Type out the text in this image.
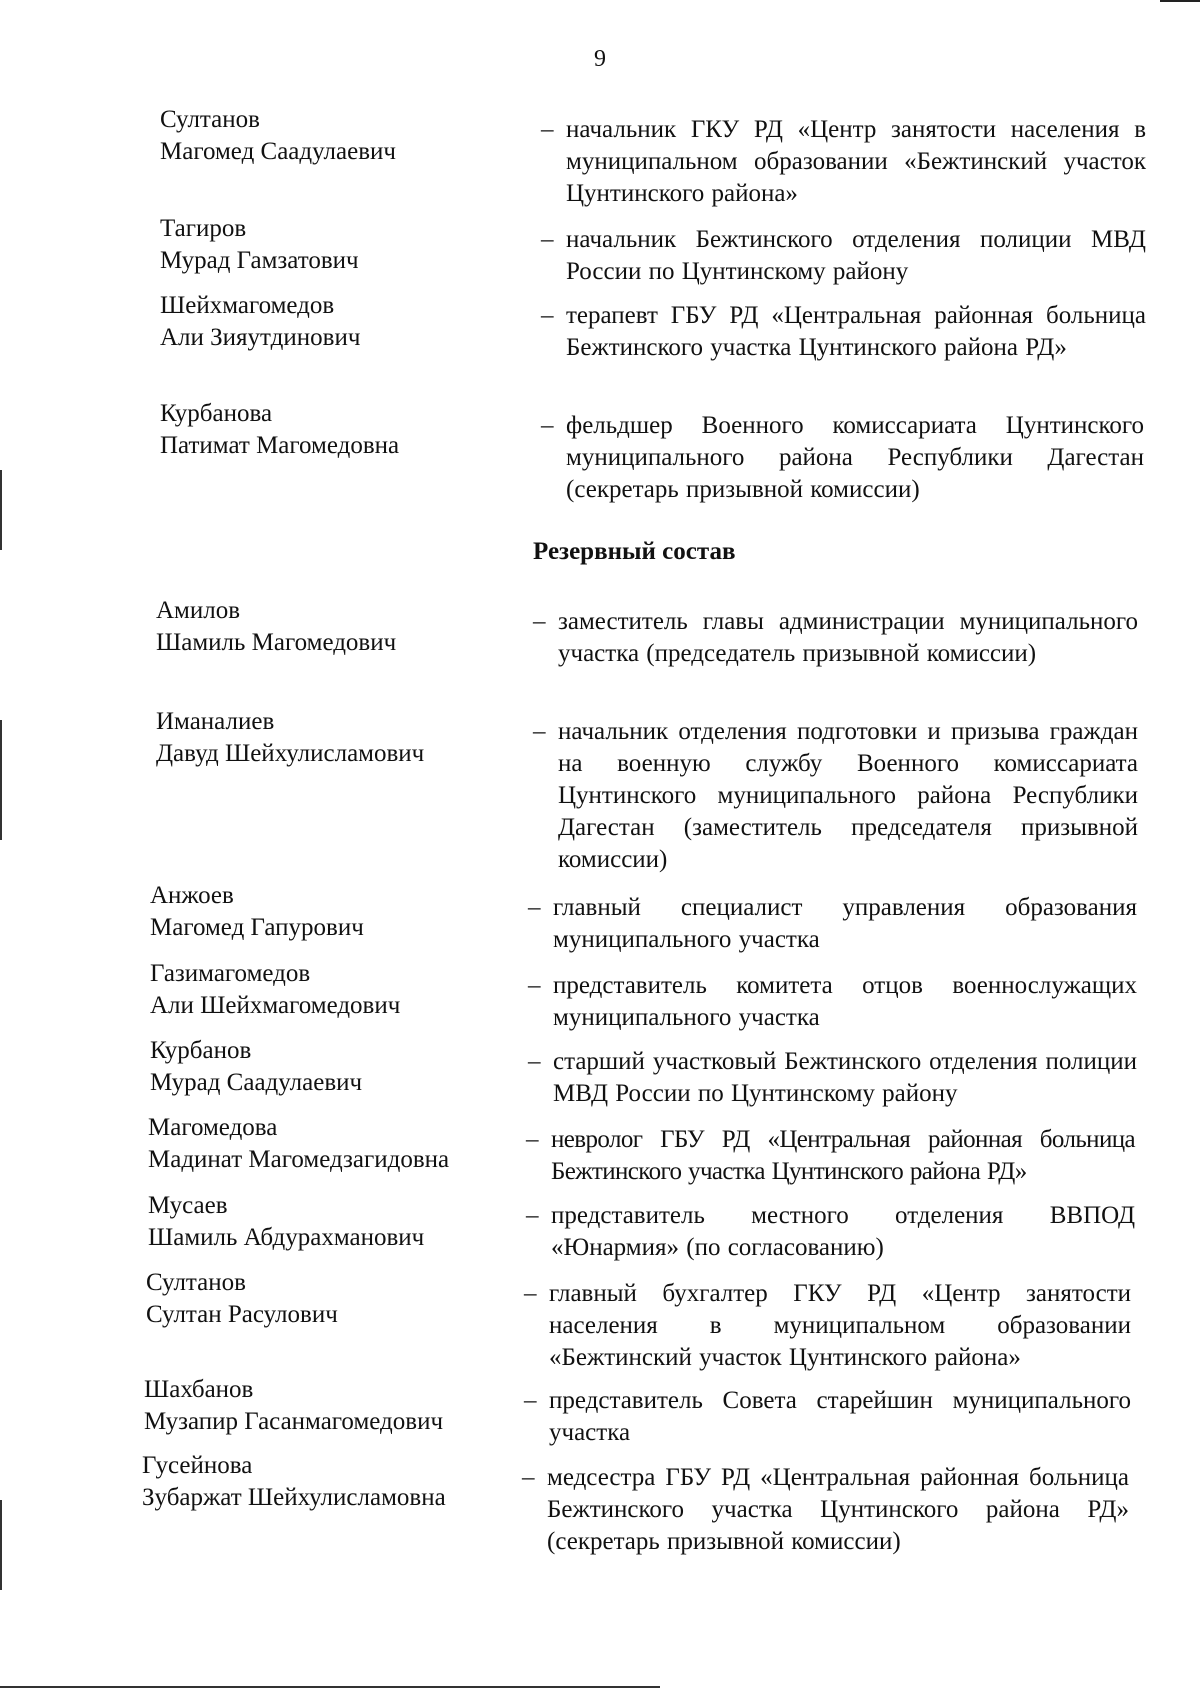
9
Султанов
Магомед Саадулаевич
– начальник ГКУ РД «Центр занятости населения в муниципальном образовании «Бежтинский участок Цунтинского района»
Тагиров
Мурад Гамзатович
– начальник Бежтинского отделения полиции МВД России по Цунтинскому району
Шейхмагомедов
Али Зияутдинович
– терапевт ГБУ РД «Центральная районная больница Бежтинского участка Цунтинского района РД»
Курбанова
Патимат Магомедовна
– фельдшер Военного комиссариата Цунтинского муниципального района Республики Дагестан (секретарь призывной комиссии)
Резервный состав
Амилов
Шамиль Магомедович
– заместитель главы администрации муниципального участка (председатель призывной комиссии)
Иманалиев
Давуд Шейхулисламович
– начальник отделения подготовки и призыва граждан на военную службу Военного комиссариата Цунтинского муниципального района Республики Дагестан (заместитель председателя призывной комиссии)
Анжоев
Магомед Гапурович
– главный специалист управления образования муниципального участка
Газимагомедов
Али Шейхмагомедович
– представитель комитета отцов военнослужащих муниципального участка
Курбанов
Мурад Саадулаевич
– старший участковый Бежтинского отделения полиции МВД России по Цунтинскому району
Магомедова
Мадинат Магомедзагидовна
– невролог ГБУ РД «Центральная районная больница Бежтинского участка Цунтинского района РД»
Мусаев
Шамиль Абдурахманович
– представитель местного отделения ВВПОД «Юнармия» (по согласованию)
Султанов
Султан Расулович
– главный бухгалтер ГКУ РД «Центр занятости населения в муниципальном образовании «Бежтинский участок Цунтинского района»
Шахбанов
Музапир Гасанмагомедович
– представитель Совета старейшин муниципального участка
Гусейнова
Зубаржат Шейхулисламовна
– медсестра ГБУ РД «Центральная районная больница Бежтинского участка Цунтинского района РД» (секретарь призывной комиссии)
